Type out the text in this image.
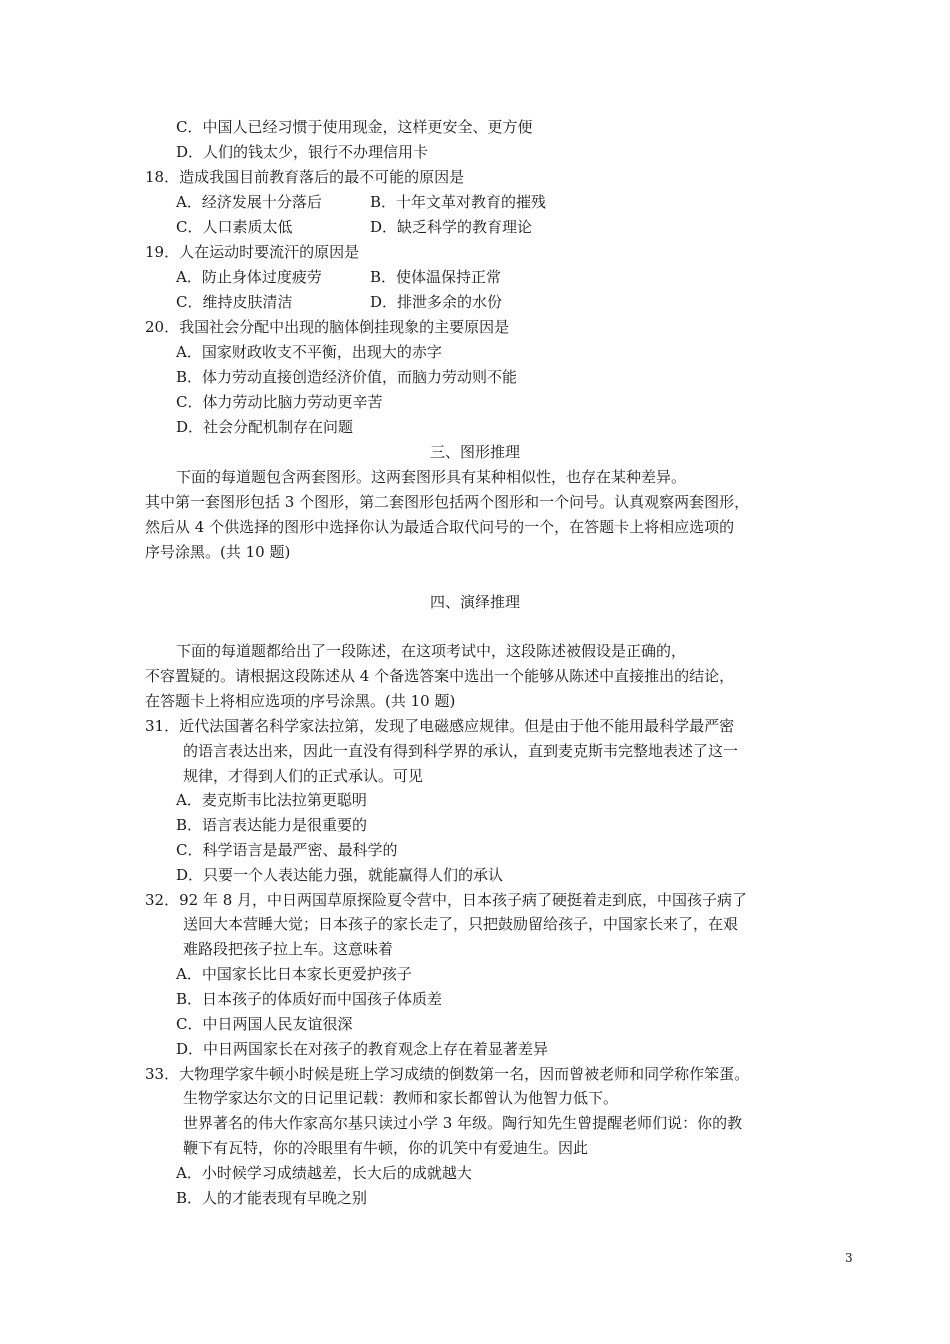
C．中国人已经习惯于使用现金，这样更安全、更方便
D．人们的钱太少，银行不办理信用卡
18．造成我国目前教育落后的最不可能的原因是
A．经济发展十分落后	B．十年文革对教育的摧残
C．人口素质太低	D．缺乏科学的教育理论
19．人在运动时要流汗的原因是
A．防止身体过度疲劳	B．使体温保持正常
C．维持皮肤清洁	D．排泄多余的水份
20．我国社会分配中出现的脑体倒挂现象的主要原因是
A．国家财政收支不平衡，出现大的赤字
B．体力劳动直接创造经济价值，而脑力劳动则不能
C．体力劳动比脑力劳动更辛苦
D．社会分配机制存在问题
三、图形推理
下面的每道题包含两套图形。这两套图形具有某种相似性，也存在某种差异。
其中第一套图形包括 3 个图形，第二套图形包括两个图形和一个问号。认真观察两套图形，
然后从 4 个供选择的图形中选择你认为最适合取代问号的一个，在答题卡上将相应选项的
序号涂黑。(共 10 题)
四、演绎推理
下面的每道题都给出了一段陈述，在这项考试中，这段陈述被假设是正确的，
不容置疑的。请根据这段陈述从 4 个备选答案中选出一个能够从陈述中直接推出的结论，
在答题卡上将相应选项的序号涂黑。(共 10 题)
31．近代法国著名科学家法拉第，发现了电磁感应规律。但是由于他不能用最科学最严密
的语言表达出来，因此一直没有得到科学界的承认，直到麦克斯韦完整地表述了这一
规律，才得到人们的正式承认。可见
A．麦克斯韦比法拉第更聪明
B．语言表达能力是很重要的
C．科学语言是最严密、最科学的
D．只要一个人表达能力强，就能赢得人们的承认
32．92 年 8 月，中日两国草原探险夏令营中，日本孩子病了硬挺着走到底，中国孩子病了
送回大本营睡大觉；日本孩子的家长走了，只把鼓励留给孩子，中国家长来了，在艰
难路段把孩子拉上车。这意味着
A．中国家长比日本家长更爱护孩子
B．日本孩子的体质好而中国孩子体质差
C．中日两国人民友谊很深
D．中日两国家长在对孩子的教育观念上存在着显著差异
33．大物理学家牛顿小时候是班上学习成绩的倒数第一名，因而曾被老师和同学称作笨蛋。
生物学家达尔文的日记里记载：教师和家长都曾认为他智力低下。
世界著名的伟大作家高尔基只读过小学 3 年级。陶行知先生曾提醒老师们说：你的教
鞭下有瓦特，你的冷眼里有牛顿，你的讥笑中有爱迪生。因此
A．小时候学习成绩越差，长大后的成就越大
B．人的才能表现有早晚之别
3
